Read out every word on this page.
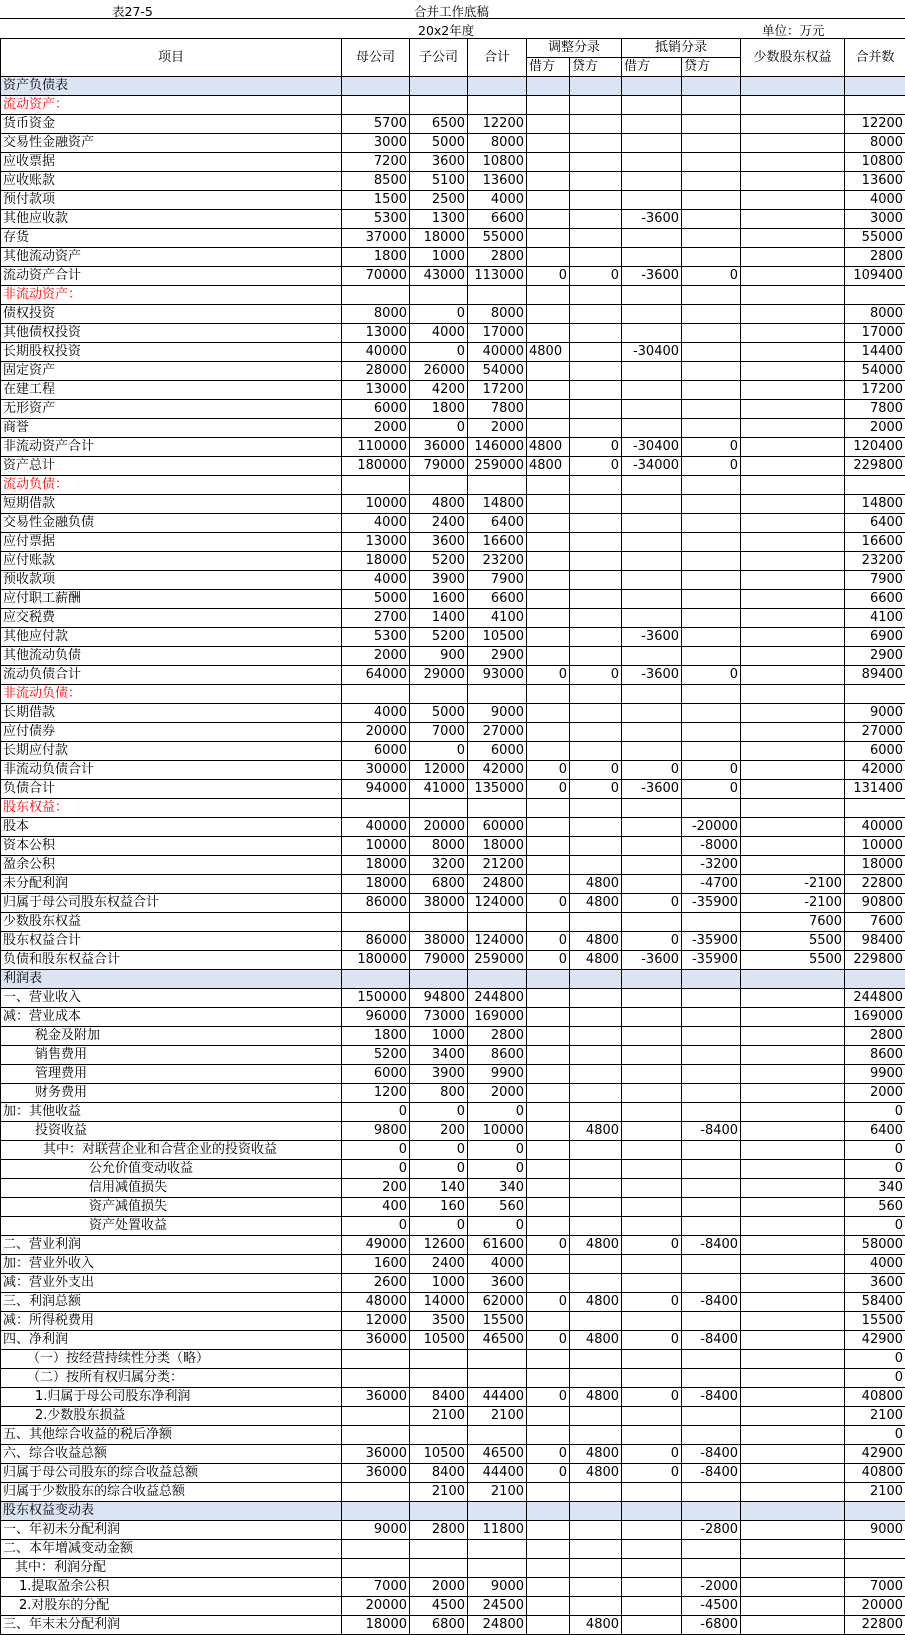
表27-5	合并工作底稿
20x2年度	单位：万元
项目	母公司	子公司	合计	调整分录		抵销分录		少数股东权益	合并数
				借方	贷方	借方	贷方		
资产负债表									
流动资产：									
货币资金	5700	6500	12200						12200
交易性金融资产	3000	5000	8000						8000
应收票据	7200	3600	10800						10800
应收账款	8500	5100	13600						13600
预付款项	1500	2500	4000						4000
其他应收款	5300	1300	6600			-3600			3000
存货	37000	18000	55000						55000
其他流动资产	1800	1000	2800						2800
流动资产合计	70000	43000	113000	0	0	-3600	0		109400
非流动资产：									
债权投资	8000	0	8000						8000
其他债权投资	13000	4000	17000						17000
长期股权投资	40000	0	40000	4800		-30400			14400
固定资产	28000	26000	54000						54000
在建工程	13000	4200	17200						17200
无形资产	6000	1800	7800						7800
商誉	2000	0	2000						2000
非流动资产合计	110000	36000	146000	4800	0	-30400	0		120400
资产总计	180000	79000	259000	4800	0	-34000	0		229800
流动负债：									
短期借款	10000	4800	14800						14800
交易性金融负债	4000	2400	6400						6400
应付票据	13000	3600	16600						16600
应付账款	18000	5200	23200						23200
预收款项	4000	3900	7900						7900
应付职工薪酬	5000	1600	6600						6600
应交税费	2700	1400	4100						4100
其他应付款	5300	5200	10500			-3600			6900
其他流动负债	2000	900	2900						2900
流动负债合计	64000	29000	93000	0	0	-3600	0		89400
非流动负债：									
长期借款	4000	5000	9000						9000
应付债券	20000	7000	27000						27000
长期应付款	6000	0	6000						6000
非流动负债合计	30000	12000	42000	0	0	0	0		42000
负债合计	94000	41000	135000	0	0	-3600	0		131400
股东权益：									
股本	40000	20000	60000				-20000		40000
资本公积	10000	8000	18000				-8000		10000
盈余公积	18000	3200	21200				-3200		18000
未分配利润	18000	6800	24800		4800		-4700	-2100	22800
归属于母公司股东权益合计	86000	38000	124000	0	4800	0	-35900	-2100	90800
少数股东权益								7600	7600
股东权益合计	86000	38000	124000	0	4800	0	-35900	5500	98400
负债和股东权益合计	180000	79000	259000	0	4800	-3600	-35900	5500	229800
利润表									
一、营业收入	150000	94800	244800						244800
减：营业成本	96000	73000	169000						169000
税金及附加	1800	1000	2800						2800
销售费用	5200	3400	8600						8600
管理费用	6000	3900	9900						9900
财务费用	1200	800	2000						2000
加：其他收益	0	0	0						0
投资收益	9800	200	10000		4800		-8400		6400
其中：对联营企业和合营企业的投资收益	0	0	0						0
公允价值变动收益	0	0	0						0
信用减值损失	200	140	340						340
资产减值损失	400	160	560						560
资产处置收益	0	0	0						0
二、营业利润	49000	12600	61600	0	4800	0	-8400		58000
加：营业外收入	1600	2400	4000						4000
减：营业外支出	2600	1000	3600						3600
三、利润总额	48000	14000	62000	0	4800	0	-8400		58400
减：所得税费用	12000	3500	15500						15500
四、净利润	36000	10500	46500	0	4800	0	-8400		42900
（一）按经营持续性分类（略）									0
（二）按所有权归属分类：									0
1.归属于母公司股东净利润	36000	8400	44400	0	4800	0	-8400		40800
2.少数股东损益		2100	2100						2100
五、其他综合收益的税后净额									0
六、综合收益总额	36000	10500	46500	0	4800	0	-8400		42900
归属于母公司股东的综合收益总额	36000	8400	44400	0	4800	0	-8400		40800
归属于少数股东的综合收益总额		2100	2100						2100
股东权益变动表									
一、年初未分配利润	9000	2800	11800				-2800		9000
二、本年增减变动金额									
其中：利润分配									
1.提取盈余公积	7000	2000	9000				-2000		7000
2.对股东的分配	20000	4500	24500				-4500		20000
三、年末未分配利润	18000	6800	24800		4800		-6800		22800
